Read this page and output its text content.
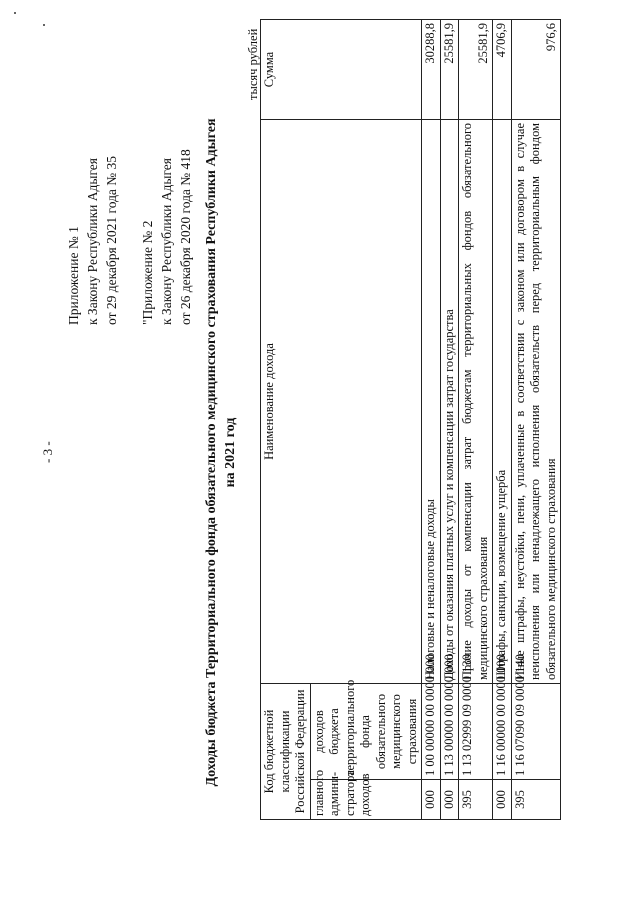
- 3 -
Приложение № 1 к Закону Республики Адыгея от 29 декабря 2021 года № 35 "Приложение № 2 к Закону Республики Адыгея от 26 декабря 2020 года № 418 Доходы бюджета Территориального фонда обязательного медицинского страхования Республики Адыгея на 2021 год
тысяч рублей
Код бюджетной классификации Российской Федерации		Наименование дохода	Сумма
главного админи-стратора доходов	доходов бюджета территориального фонда обязательного медицинского страхования		
000	1 00 00000 00 0000 000	Налоговые и неналоговые доходы	30288,8
000	1 13 00000 00 0000 000	Доходы от оказания платных услуг и компенсации затрат государства	25581,9
395	1 13 02999 09 0000 130	Прочие доходы от компенсации затрат бюджетам территориальных фондов обязательного медицинского страхования	25581,9
000	1 16 00000 00 0000 000	Штрафы, санкции, возмещение ущерба	4706,9
395	1 16 07090 09 0000 140	Иные штрафы, неустойки, пени, уплаченные в соответствии с законом или договором в случае неисполнения или ненадлежащего исполнения обязательств перед территориальным фондом обязательного медицинского страхования	976,6
